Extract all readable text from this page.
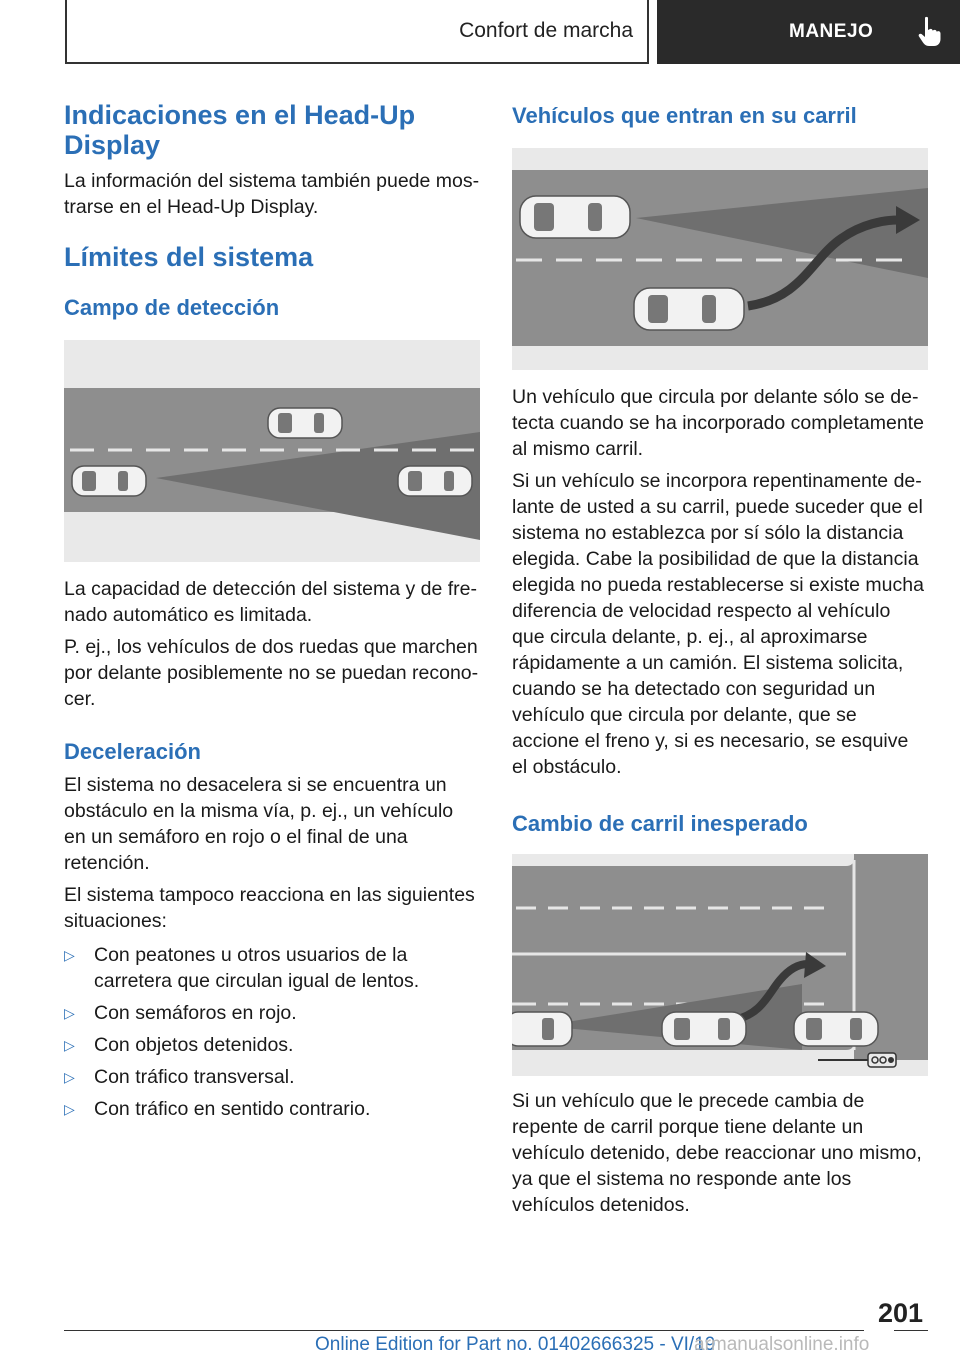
Confort de marcha	MANEJO
Indicaciones en el Head-Up Display

La información del sistema también puede mostrarse en el Head-Up Display.

Límites del sistema
Campo de detección

La capacidad de detección del sistema y de frenado automático es limitada.

P. ej., los vehículos de dos ruedas que marchen por delante posiblemente no se puedan reconocer.

Deceleración

El sistema no desacelera si se encuentra un obstáculo en la misma vía, p. ej., un vehículo en un semáforo en rojo o el final de una retención.

El sistema tampoco reacciona en las siguientes situaciones:

▷ Con peatones u otros usuarios de la carretera que circulan igual de lentos.
▷ Con semáforos en rojo.
▷ Con objetos detenidos.
▷ Con tráfico transversal.
▷ Con tráfico en sentido contrario.
Vehículos que entran en su carril

Un vehículo que circula por delante sólo se detecta cuando se ha incorporado completamente al mismo carril.

Si un vehículo se incorpora repentinamente delante de usted a su carril, puede suceder que el sistema no establezca por sí sólo la distancia elegida. Cabe la posibilidad de que la distancia elegida no pueda restablecerse si existe mucha diferencia de velocidad respecto al vehículo que circula delante, p. ej., al aproximarse rápidamente a un camión. El sistema solicita, cuando se ha detectado con seguridad un vehículo que circula por delante, que se accione el freno y, si es necesario, se esquive el obstáculo.

Cambio de carril inesperado

Si un vehículo que le precede cambia de repente de carril porque tiene delante un vehículo detenido, debe reaccionar uno mismo, ya que el sistema no responde ante los vehículos detenidos.

201
Online Edition for Part no. 01402666325 - VI/19
armanualsonline.info
